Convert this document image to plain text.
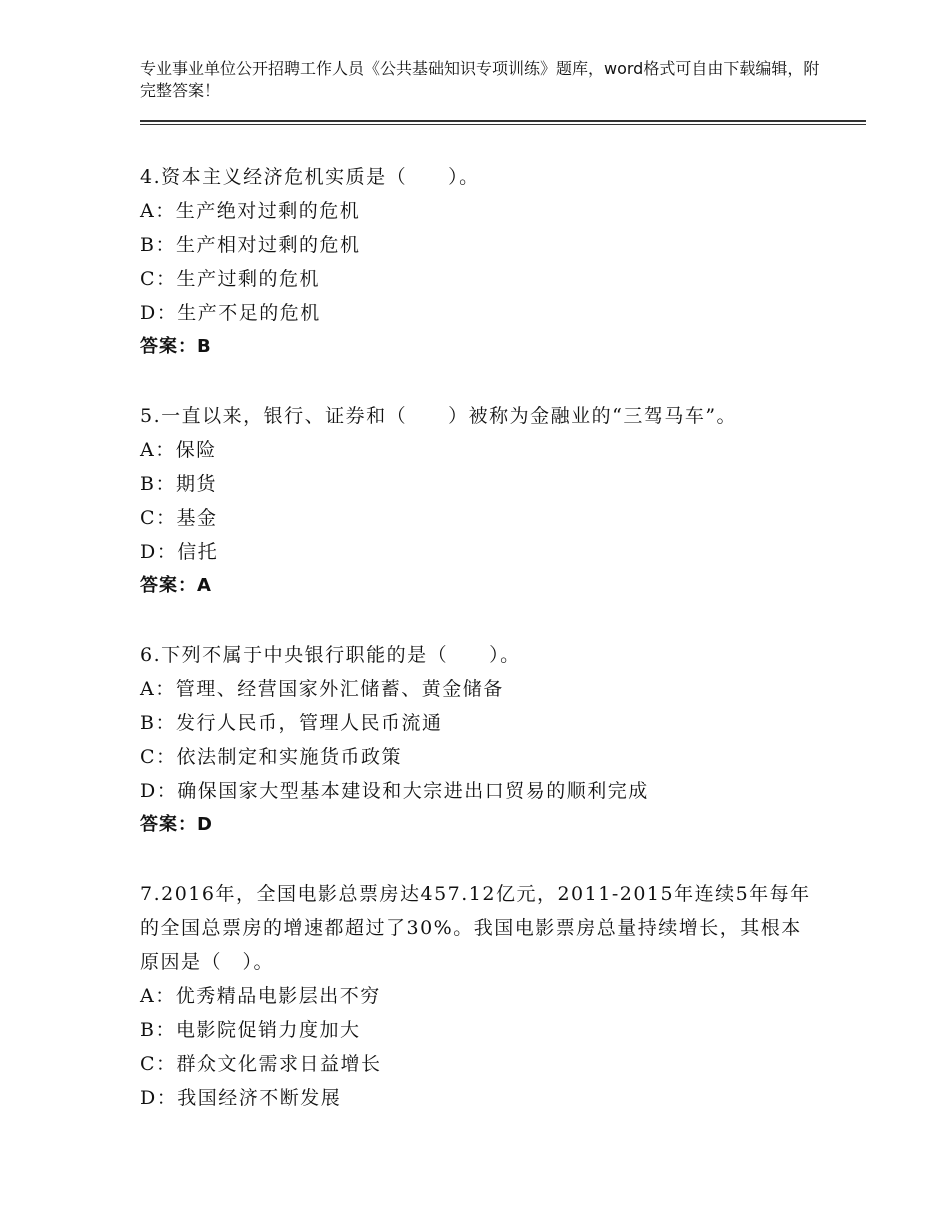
专业事业单位公开招聘工作人员《公共基础知识专项训练》题库，word格式可自由下载编辑，附完整答案！
4.资本主义经济危机实质是（　　）。
A：生产绝对过剩的危机
B：生产相对过剩的危机
C：生产过剩的危机
D：生产不足的危机
答案：B
5.一直以来，银行、证券和（　　）被称为金融业的“三驾马车”。
A：保险
B：期货
C：基金
D：信托
答案：A
6.下列不属于中央银行职能的是（　　）。
A：管理、经营国家外汇储蓄、黄金储备
B：发行人民币，管理人民币流通
C：依法制定和实施货币政策
D：确保国家大型基本建设和大宗进出口贸易的顺利完成
答案：D
7.2016年，全国电影总票房达457.12亿元，2011-2015年连续5年每年的全国总票房的增速都超过了30%。我国电影票房总量持续增长，其根本原因是（　）。
A：优秀精品电影层出不穷
B：电影院促销力度加大
C：群众文化需求日益增长
D：我国经济不断发展
